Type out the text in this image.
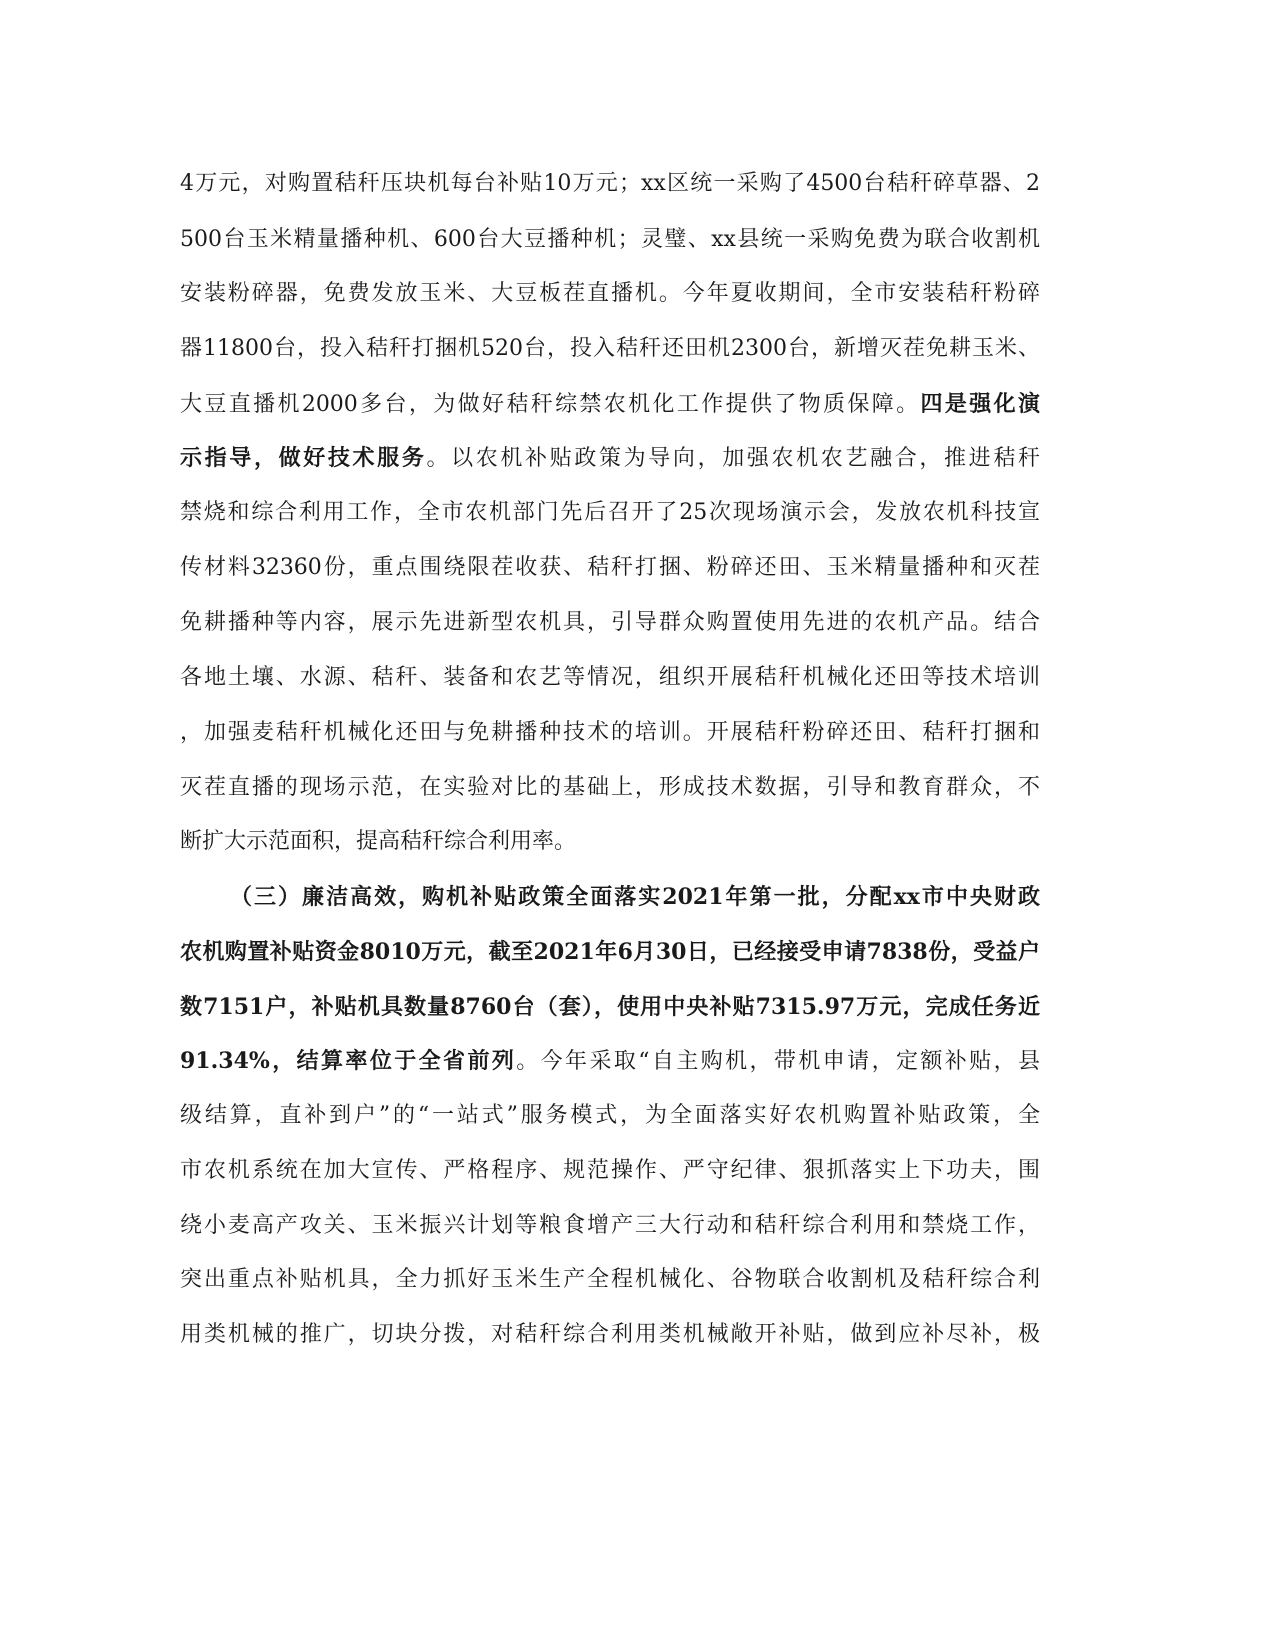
4万元，对购置秸秆压块机每台补贴10万元；xx区统一采购了4500台秸秆碎草器、2
500台玉米精量播种机、600台大豆播种机；灵璧、xx县统一采购免费为联合收割机
安装粉碎器，免费发放玉米、大豆板茬直播机。今年夏收期间，全市安装秸秆粉碎
器11800台，投入秸秆打捆机520台，投入秸秆还田机2300台，新增灭茬免耕玉米、
大豆直播机2000多台，为做好秸秆综禁农机化工作提供了物质保障。四是强化演
示指导，做好技术服务。以农机补贴政策为导向，加强农机农艺融合，推进秸秆
禁烧和综合利用工作，全市农机部门先后召开了25次现场演示会，发放农机科技宣
传材料32360份，重点围绕限茬收获、秸秆打捆、粉碎还田、玉米精量播种和灭茬
免耕播种等内容，展示先进新型农机具，引导群众购置使用先进的农机产品。结合
各地土壤、水源、秸秆、装备和农艺等情况，组织开展秸秆机械化还田等技术培训
，加强麦秸秆机械化还田与免耕播种技术的培训。开展秸秆粉碎还田、秸秆打捆和
灭茬直播的现场示范，在实验对比的基础上，形成技术数据，引导和教育群众，不
断扩大示范面积，提高秸秆综合利用率。
（三）廉洁高效，购机补贴政策全面落实2021年第一批，分配xx市中央财政
农机购置补贴资金8010万元，截至2021年6月30日，已经接受申请7838份，受益户
数7151户，补贴机具数量8760台（套），使用中央补贴7315.97万元，完成任务近
91.34%，结算率位于全省前列。今年采取“自主购机，带机申请，定额补贴，县
级结算，直补到户”的“一站式”服务模式，为全面落实好农机购置补贴政策，全
市农机系统在加大宣传、严格程序、规范操作、严守纪律、狠抓落实上下功夫，围
绕小麦高产攻关、玉米振兴计划等粮食增产三大行动和秸秆综合利用和禁烧工作，
突出重点补贴机具，全力抓好玉米生产全程机械化、谷物联合收割机及秸秆综合利
用类机械的推广，切块分拨，对秸秆综合利用类机械敞开补贴，做到应补尽补，极
